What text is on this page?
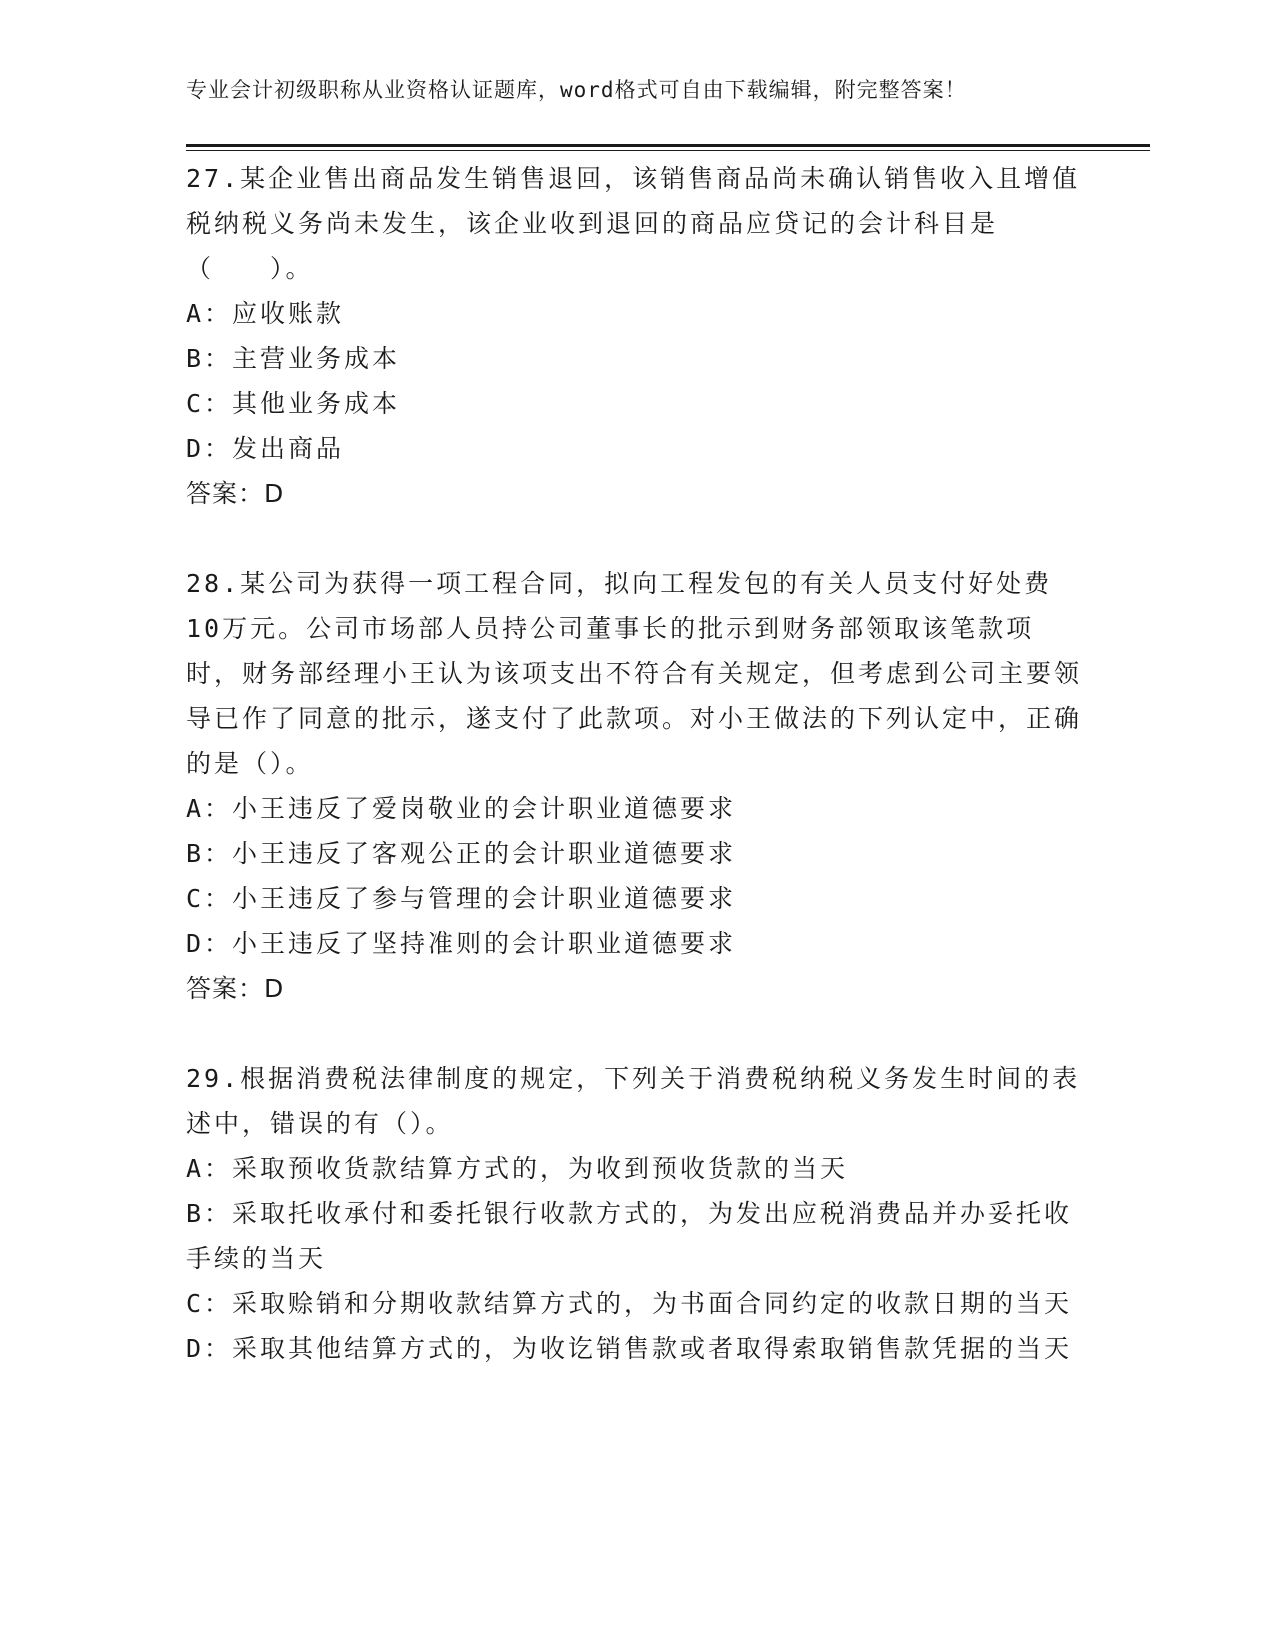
专业会计初级职称从业资格认证题库，word格式可自由下载编辑，附完整答案！
27.某企业售出商品发生销售退回，该销售商品尚未确认销售收入且增值税纳税义务尚未发生，该企业收到退回的商品应贷记的会计科目是（　　）。
A：应收账款
B：主营业务成本
C：其他业务成本
D：发出商品
答案：D
28.某公司为获得一项工程合同，拟向工程发包的有关人员支付好处费10万元。公司市场部人员持公司董事长的批示到财务部领取该笔款项时，财务部经理小王认为该项支出不符合有关规定，但考虑到公司主要领导已作了同意的批示，遂支付了此款项。对小王做法的下列认定中，正确的是（）。
A：小王违反了爱岗敬业的会计职业道德要求
B：小王违反了客观公正的会计职业道德要求
C：小王违反了参与管理的会计职业道德要求
D：小王违反了坚持准则的会计职业道德要求
答案：D
29.根据消费税法律制度的规定，下列关于消费税纳税义务发生时间的表述中，错误的有（）。
A：采取预收货款结算方式的，为收到预收货款的当天
B：采取托收承付和委托银行收款方式的，为发出应税消费品并办妥托收手续的当天
C：采取赊销和分期收款结算方式的，为书面合同约定的收款日期的当天
D：采取其他结算方式的，为收讫销售款或者取得索取销售款凭据的当天
